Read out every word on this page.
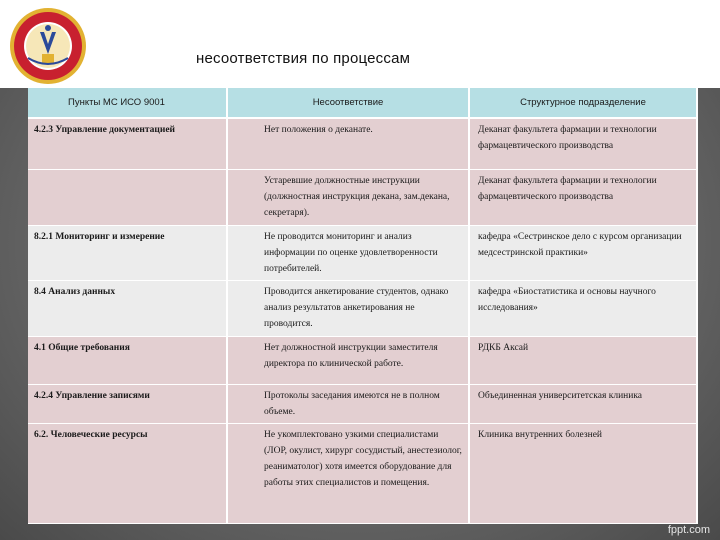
несоответствия по процессам
Пункты МС ИСО 9001	Несоответствие	Структурное подразделение
4.2.3 Управление документацией	Нет положения о деканате.	Деканат факультета фармации и технологии фармацевтического производства
	Устаревшие должностные инструкции (должностная инструкция декана, зам.декана, секретаря).	Деканат факультета фармации и технологии фармацевтического производства
8.2.1 Мониторинг и измерение	Не проводится мониторинг и анализ информации по оценке удовлетворенности потребителей.	кафедра «Сестринское дело с курсом организации медсестринской практики»
8.4 Анализ данных	Проводится анкетирование студентов, однако анализ результатов анкетирования не проводится.	кафедра «Биостатистика и основы научного исследования»
4.1 Общие требования	Нет должностной инструкции заместителя директора по клинической работе.	РДКБ Аксай
4.2.4 Управление записями	Протоколы заседания имеются не в полном объеме.	Объединенная университетская клиника
6.2. Человеческие ресурсы	Не укомплектовано узкими специалистами (ЛОР, окулист, хирург сосудистый, анестезиолог, реаниматолог) хотя имеется оборудование для работы этих специалистов и помещения.	Клиника внутренних болезней
fppt.com
